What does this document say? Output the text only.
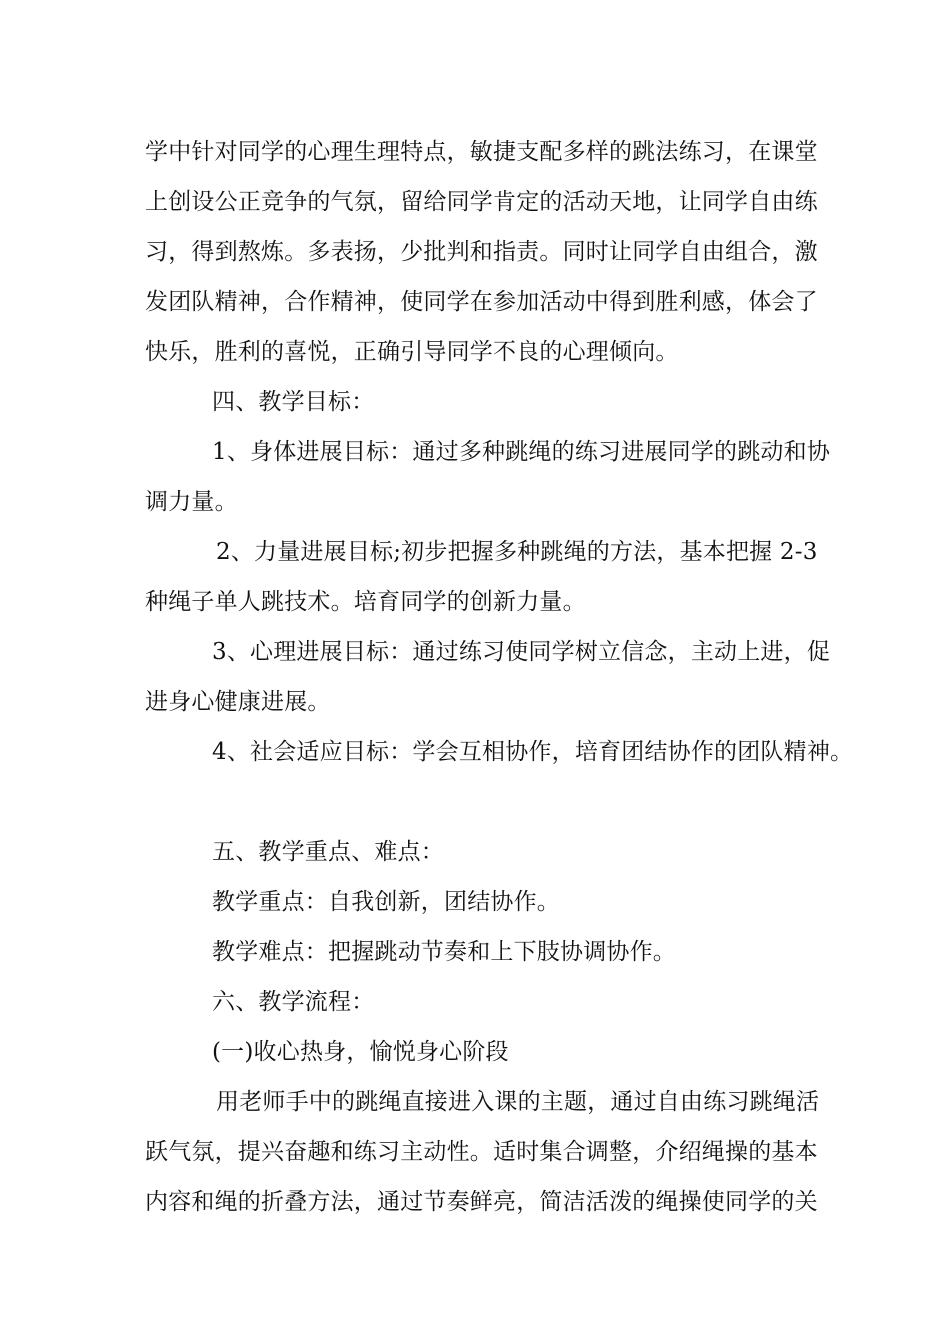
学中针对同学的心理生理特点，敏捷支配多样的跳法练习，在课堂
上创设公正竞争的气氛，留给同学肯定的活动天地，让同学自由练
习，得到熬炼。多表扬，少批判和指责。同时让同学自由组合，激
发团队精神，合作精神，使同学在参加活动中得到胜利感，体会了
快乐，胜利的喜悦，正确引导同学不良的心理倾向。
四、教学目标：
1、身体进展目标：通过多种跳绳的练习进展同学的跳动和协
调力量。
2、力量进展目标;初步把握多种跳绳的方法，基本把握 2-3
种绳子单人跳技术。培育同学的创新力量。
3、心理进展目标：通过练习使同学树立信念，主动上进，促
进身心健康进展。
4、社会适应目标：学会互相协作，培育团结协作的团队精神。
五、教学重点、难点：
教学重点：自我创新，团结协作。
教学难点：把握跳动节奏和上下肢协调协作。
六、教学流程：
(一)收心热身，愉悦身心阶段
用老师手中的跳绳直接进入课的主题，通过自由练习跳绳活
跃气氛，提兴奋趣和练习主动性。适时集合调整，介绍绳操的基本
内容和绳的折叠方法，通过节奏鲜亮，简洁活泼的绳操使同学的关
